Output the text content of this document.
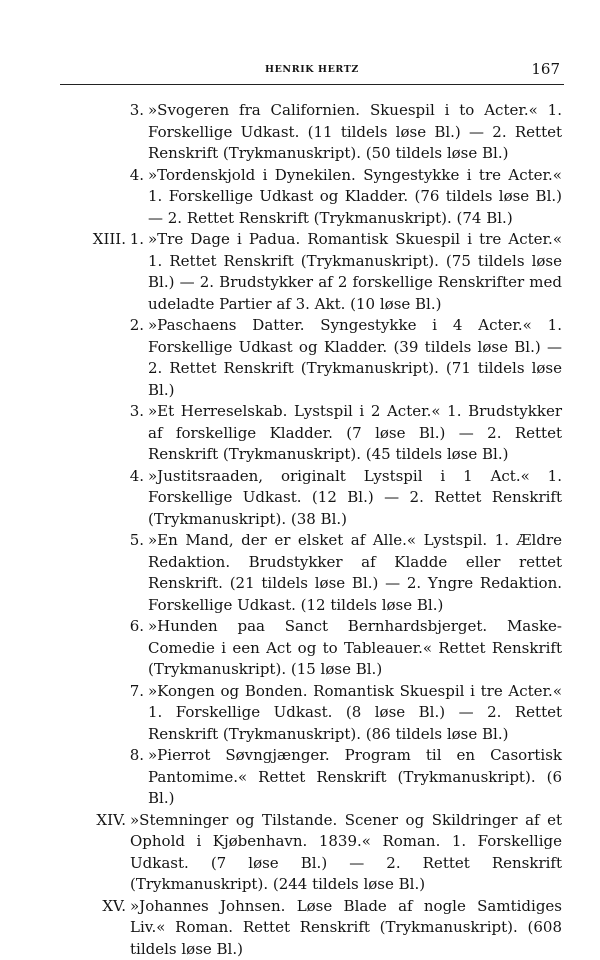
HENRIK HERTZ	167
3. »Svogeren fra Californien. Skuespil i to Acter.« 1. Forskellige Udkast. (11 tildels løse Bl.) — 2. Rettet Renskrift (Trykmanuskript). (50 tildels løse Bl.)
4. »Tordenskjold i Dynekilen. Syngestykke i tre Acter.« 1. Forskellige Udkast og Kladder. (76 tildels løse Bl.) — 2. Rettet Renskrift (Trykmanuskript). (74 Bl.)
XIII. 1. »Tre Dage i Padua. Romantisk Skuespil i tre Acter.« 1. Rettet Renskrift (Trykmanuskript). (75 tildels løse Bl.) — 2. Brudstykker af 2 forskellige Renskrifter med udeladte Partier af 3. Akt. (10 løse Bl.)
2. »Paschaens Datter. Syngestykke i 4 Acter.« 1. Forskellige Udkast og Kladder. (39 tildels løse Bl.) — 2. Rettet Renskrift (Trykmanuskript). (71 tildels løse Bl.)
3. »Et Herreselskab. Lystspil i 2 Acter.« 1. Brudstykker af forskellige Kladder. (7 løse Bl.) — 2. Rettet Renskrift (Trykmanuskript). (45 tildels løse Bl.)
4. »Justitsraaden, originalt Lystspil i 1 Act.« 1. Forskellige Udkast. (12 Bl.) — 2. Rettet Renskrift (Trykmanuskript). (38 Bl.)
5. »En Mand, der er elsket af Alle.« Lystspil. 1. Ældre Redaktion. Brudstykker af Kladde eller rettet Renskrift. (21 tildels løse Bl.) — 2. Yngre Redaktion. Forskellige Udkast. (12 tildels løse Bl.)
6. »Hunden paa Sanct Bernhardsbjerget. Maske-Comedie i een Act og to Tableauer.« Rettet Renskrift (Trykmanuskript). (15 løse Bl.)
7. »Kongen og Bonden. Romantisk Skuespil i tre Acter.« 1. Forskellige Udkast. (8 løse Bl.) — 2. Rettet Renskrift (Trykmanuskript). (86 tildels løse Bl.)
8. »Pierrot Søvngjænger. Program til en Casortisk Pantomime.« Rettet Renskrift (Trykmanuskript). (6 Bl.)
XIV. »Stemninger og Tilstande. Scener og Skildringer af et Ophold i Kjøbenhavn. 1839.« Roman. 1. Forskellige Udkast. (7 løse Bl.) — 2. Rettet Renskrift (Trykmanuskript). (244 tildels løse Bl.)
XV. »Johannes Johnsen. Løse Blade af nogle Samtidiges Liv.« Roman. Rettet Renskrift (Trykmanuskript). (608 tildels løse Bl.)
